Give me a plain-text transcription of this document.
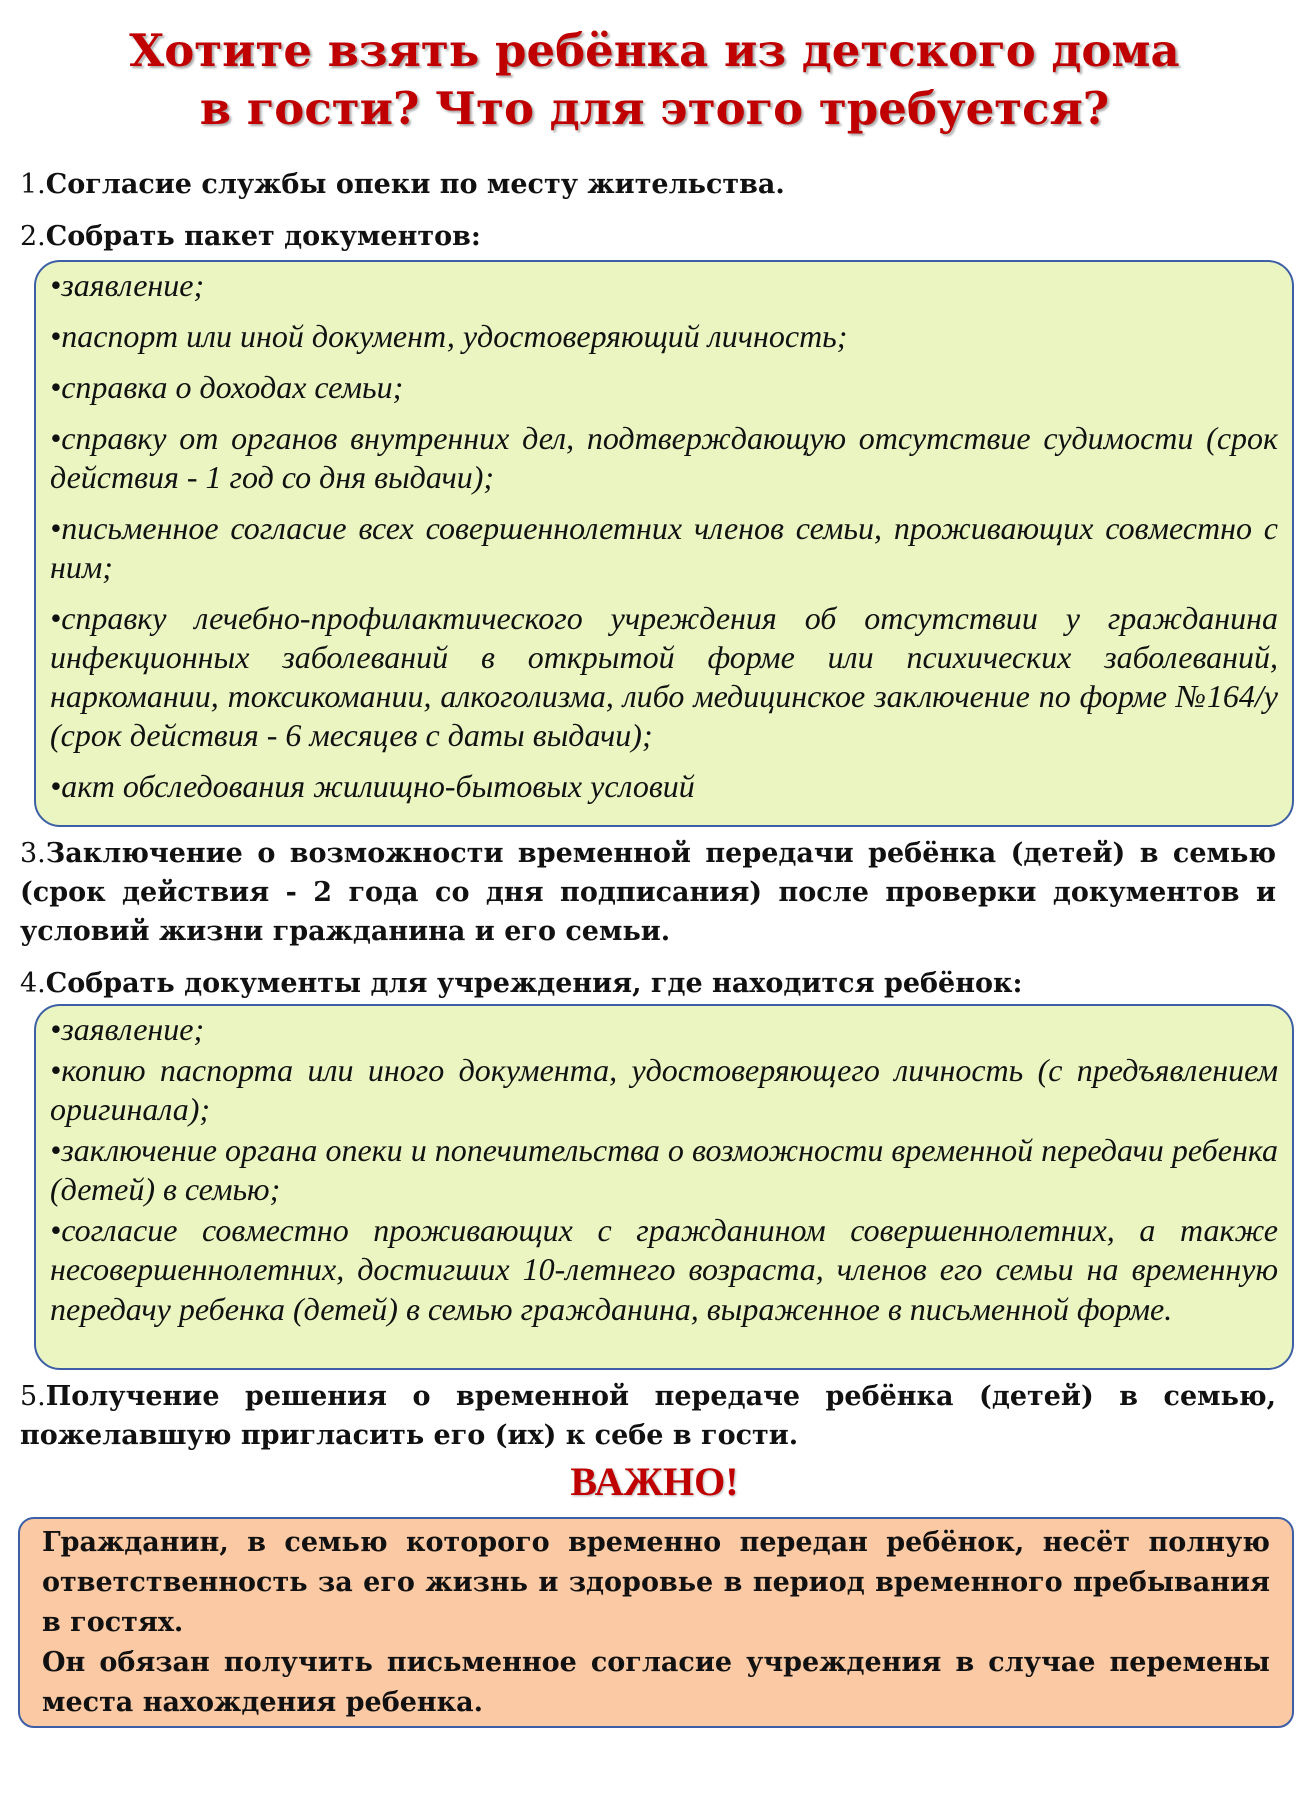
Хотите взять ребёнка из детского дома
в гости? Что для этого требуется?
1.Согласие службы опеки по месту жительства.
2.Собрать пакет документов:
•заявление;
•паспорт или иной документ, удостоверяющий личность;
•справка о доходах семьи;
•справку от органов внутренних дел, подтверждающую отсутствие судимости (срок действия - 1 год со дня выдачи);
•письменное согласие всех совершеннолетних членов семьи, проживающих совместно с ним;
•справку лечебно-профилактического учреждения об отсутствии у гражданина инфекционных заболеваний в открытой форме или психических заболеваний, наркомании, токсикомании, алкоголизма, либо медицинское заключение по форме №164/у (срок действия - 6 месяцев с даты выдачи);
•акт обследования жилищно-бытовых условий
3.Заключение о возможности временной передачи ребёнка (детей) в семью (срок действия - 2 года со дня подписания) после проверки документов и условий жизни гражданина и его семьи.
4.Собрать документы для учреждения, где находится ребёнок:
•заявление;
•копию паспорта или иного документа, удостоверяющего личность (с предъявлением оригинала);
•заключение органа опеки и попечительства о возможности временной передачи ребенка (детей) в семью;
•согласие совместно проживающих с гражданином совершеннолетних, а также несовершеннолетних, достигших 10-летнего возраста, членов его семьи на временную передачу ребенка (детей) в семью гражданина, выраженное в письменной форме.
5.Получение решения о временной передаче ребёнка (детей) в семью, пожелавшую пригласить его (их) к себе в гости.
ВАЖНО!
Гражданин, в семью которого временно передан ребёнок, несёт полную ответственность за его жизнь и здоровье в период временного пребывания в гостях.
Он обязан получить письменное согласие учреждения в случае перемены места нахождения ребенка.
